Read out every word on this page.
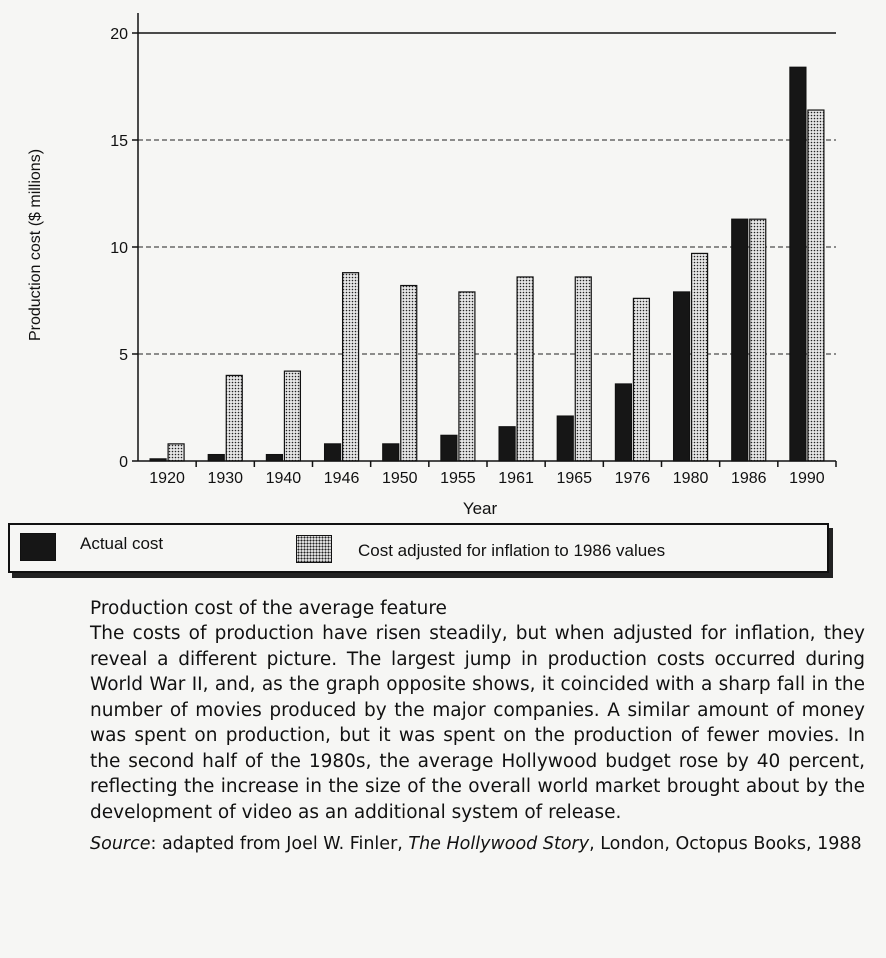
0
5
10
15
20
1920 1930 1940 1946 1950 1955 1961 1965 1976 1980 1986 1990
Production cost ($ millions)
Year
Actual cost	Cost adjusted for inflation to 1986 values
Production cost of the average feature
The costs of production have risen steadily, but when adjusted for inflation, they reveal a different picture. The largest jump in production costs occurred during World War II, and, as the graph opposite shows, it coincided with a sharp fall in the number of movies produced by the major companies. A similar amount of money was spent on production, but it was spent on the production of fewer movies. In the second half of the 1980s, the average Hollywood budget rose by 40 percent, reflecting the increase in the size of the overall world market brought about by the development of video as an additional system of release.
Source: adapted from Joel W. Finler, The Hollywood Story, London, Octopus Books, 1988
